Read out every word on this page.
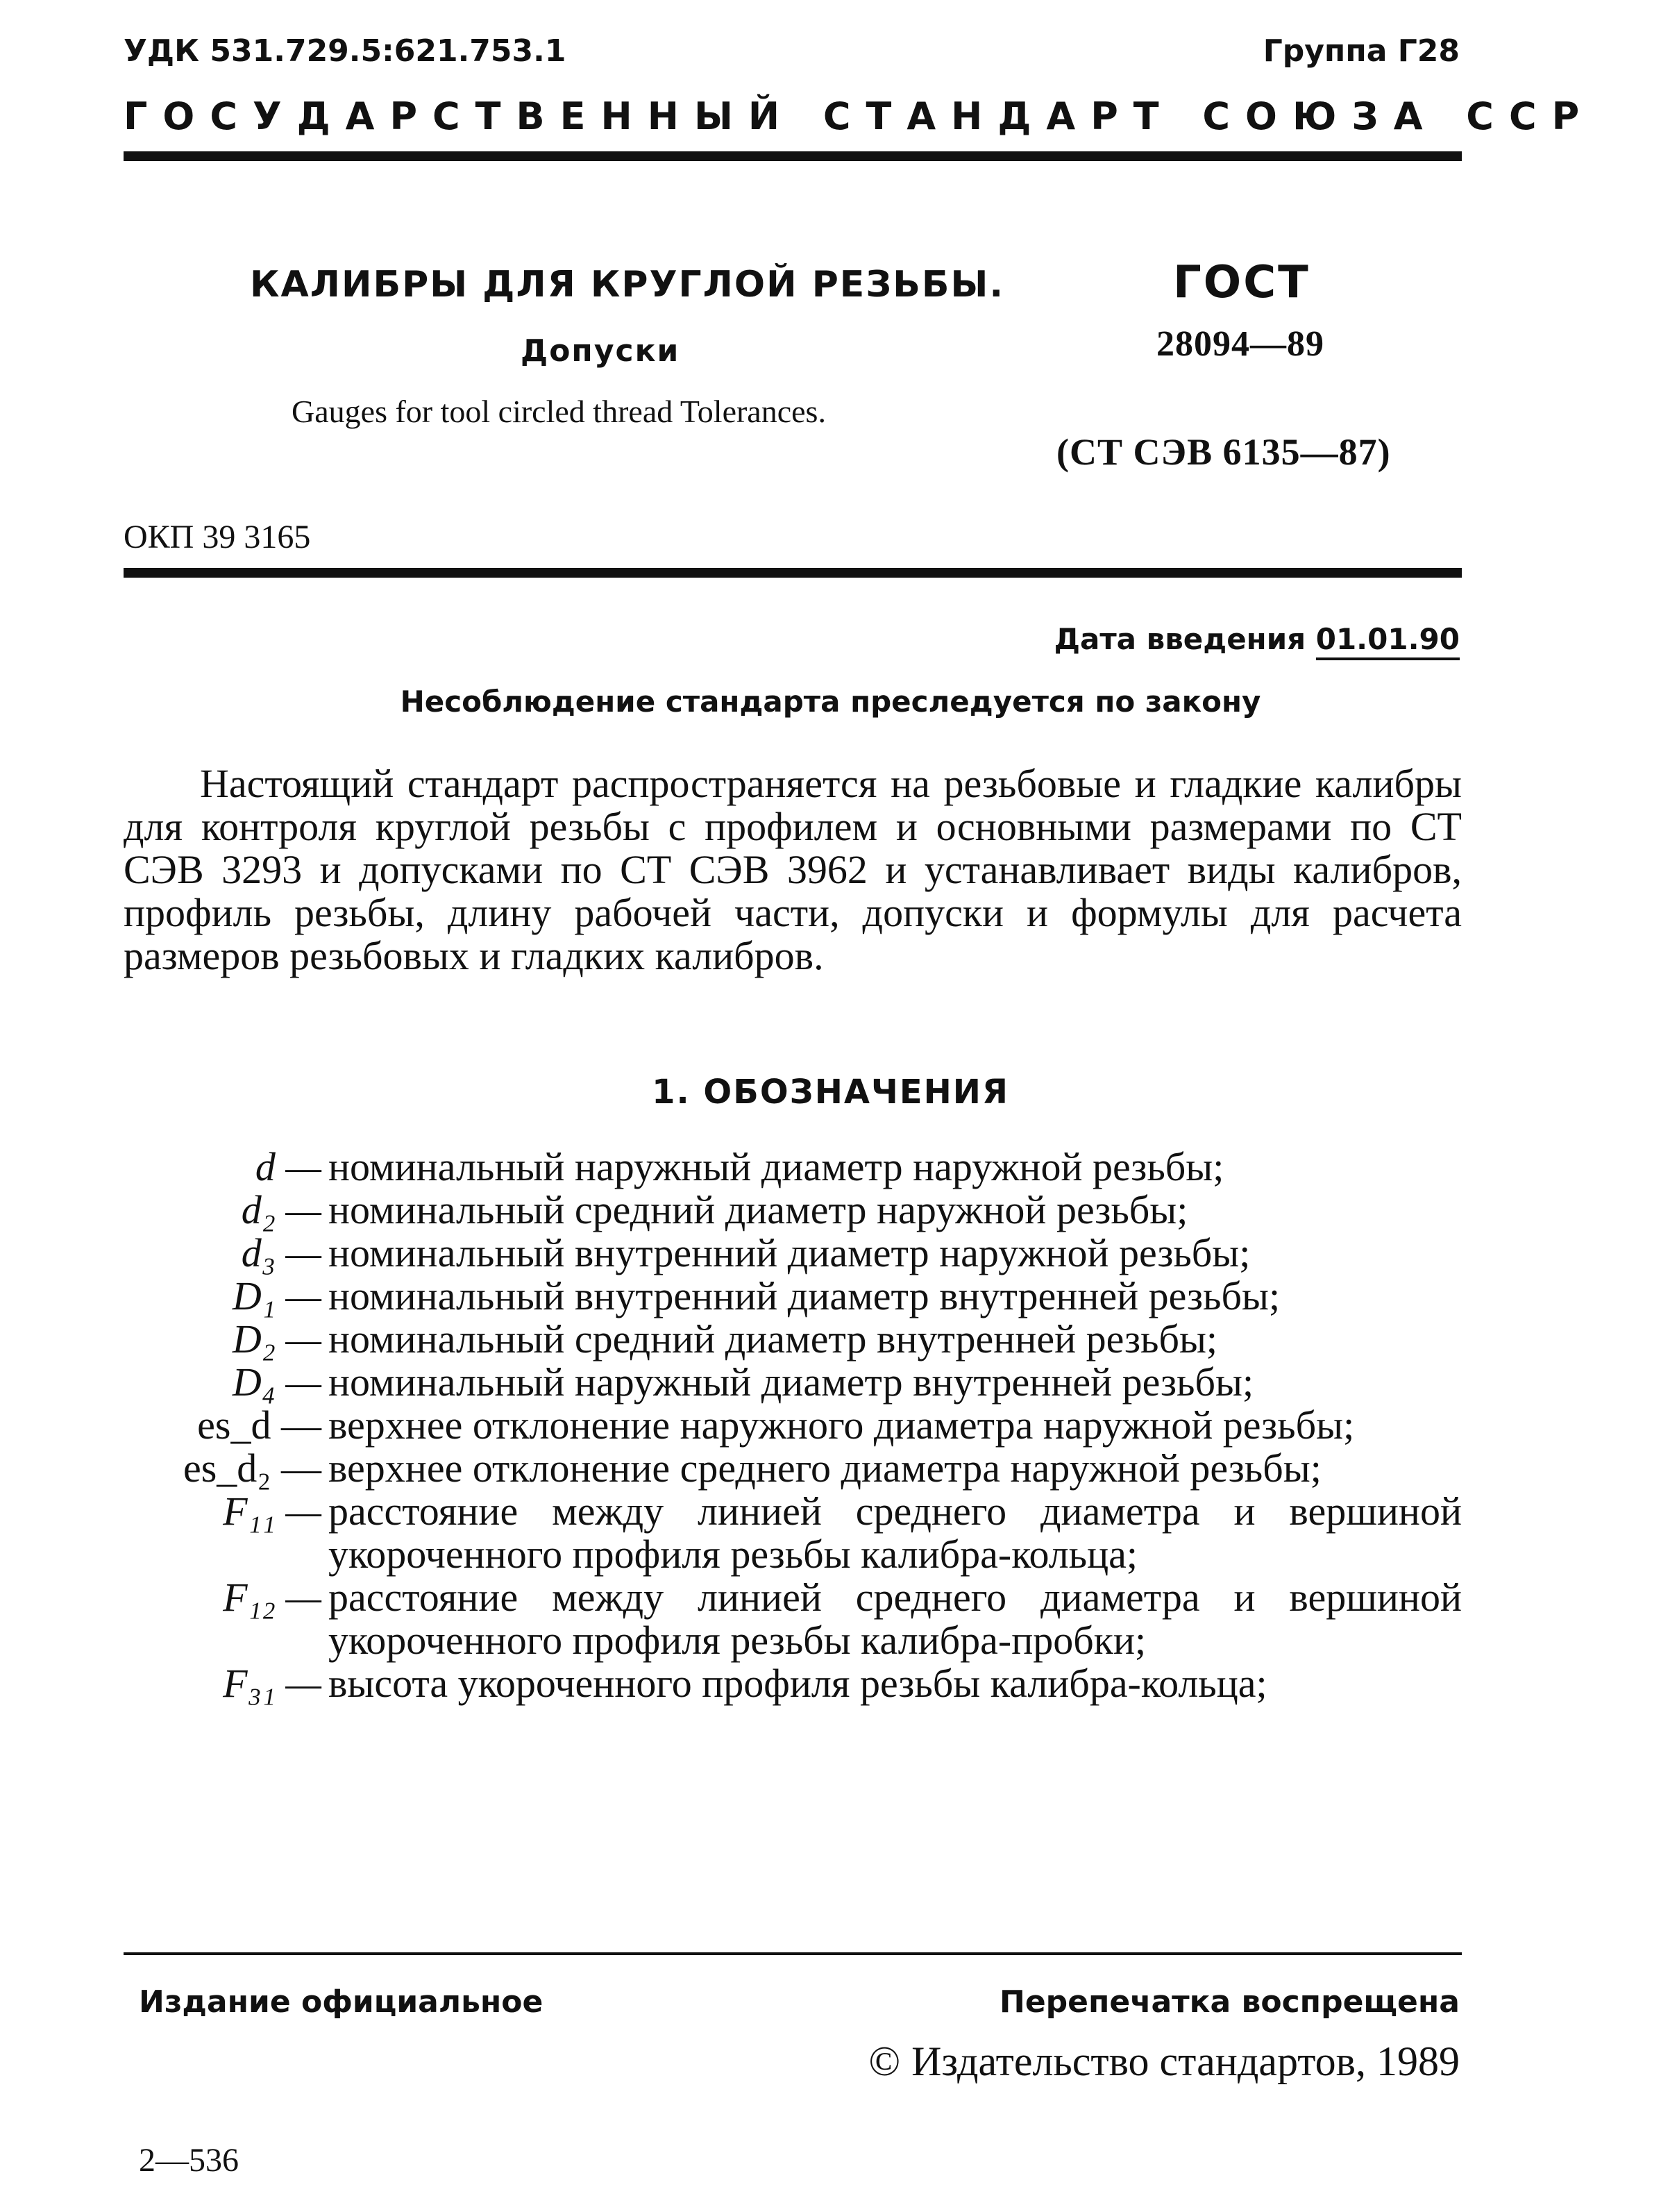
УДК 531.729.5:621.753.1	Группа Г28
ГОСУДАРСТВЕННЫЙ СТАНДАРТ СОЮЗА ССР
КАЛИБРЫ ДЛЯ КРУГЛОЙ РЕЗЬБЫ.
Допуски
Gauges for tool circled thread Tolerances.
ГОСТ
28094—89
(СТ СЭВ 6135—87)
ОКП 39 3165
Дата введения 01.01.90
Несоблюдение стандарта преследуется по закону

Настоящий стандарт распространяется на резьбовые и гладкие калибры для контроля круглой резьбы с профилем и основными размерами по СТ СЭВ 3293 и допусками по СТ СЭВ 3962 и устанавливает виды калибров, профиль резьбы, длину рабочей части, допуски и формулы для расчета размеров резьбовых и гладких калибров.

1. ОБОЗНАЧЕНИЯ
d — номинальный наружный диаметр наружной резьбы;
d₂ — номинальный средний диаметр наружной резьбы;
d₃ — номинальный внутренний диаметр наружной резьбы;
D₁ — номинальный внутренний диаметр внутренней резьбы;
D₂ — номинальный средний диаметр внутренней резьбы;
D₄ — номинальный наружный диаметр внутренней резьбы;
es_d — верхнее отклонение наружного диаметра наружной резьбы;
es_d₂ — верхнее отклонение среднего диаметра наружной резьбы;
F₁₁ — расстояние между линией среднего диаметра и вершиной укороченного профиля резьбы калибра-кольца;
F₁₂ — расстояние между линией среднего диаметра и вершиной укороченного профиля резьбы калибра-пробки;
F₃₁ — высота укороченного профиля резьбы калибра-кольца;
Издание официальное	Перепечатка воспрещена
© Издательство стандартов, 1989
2—536
